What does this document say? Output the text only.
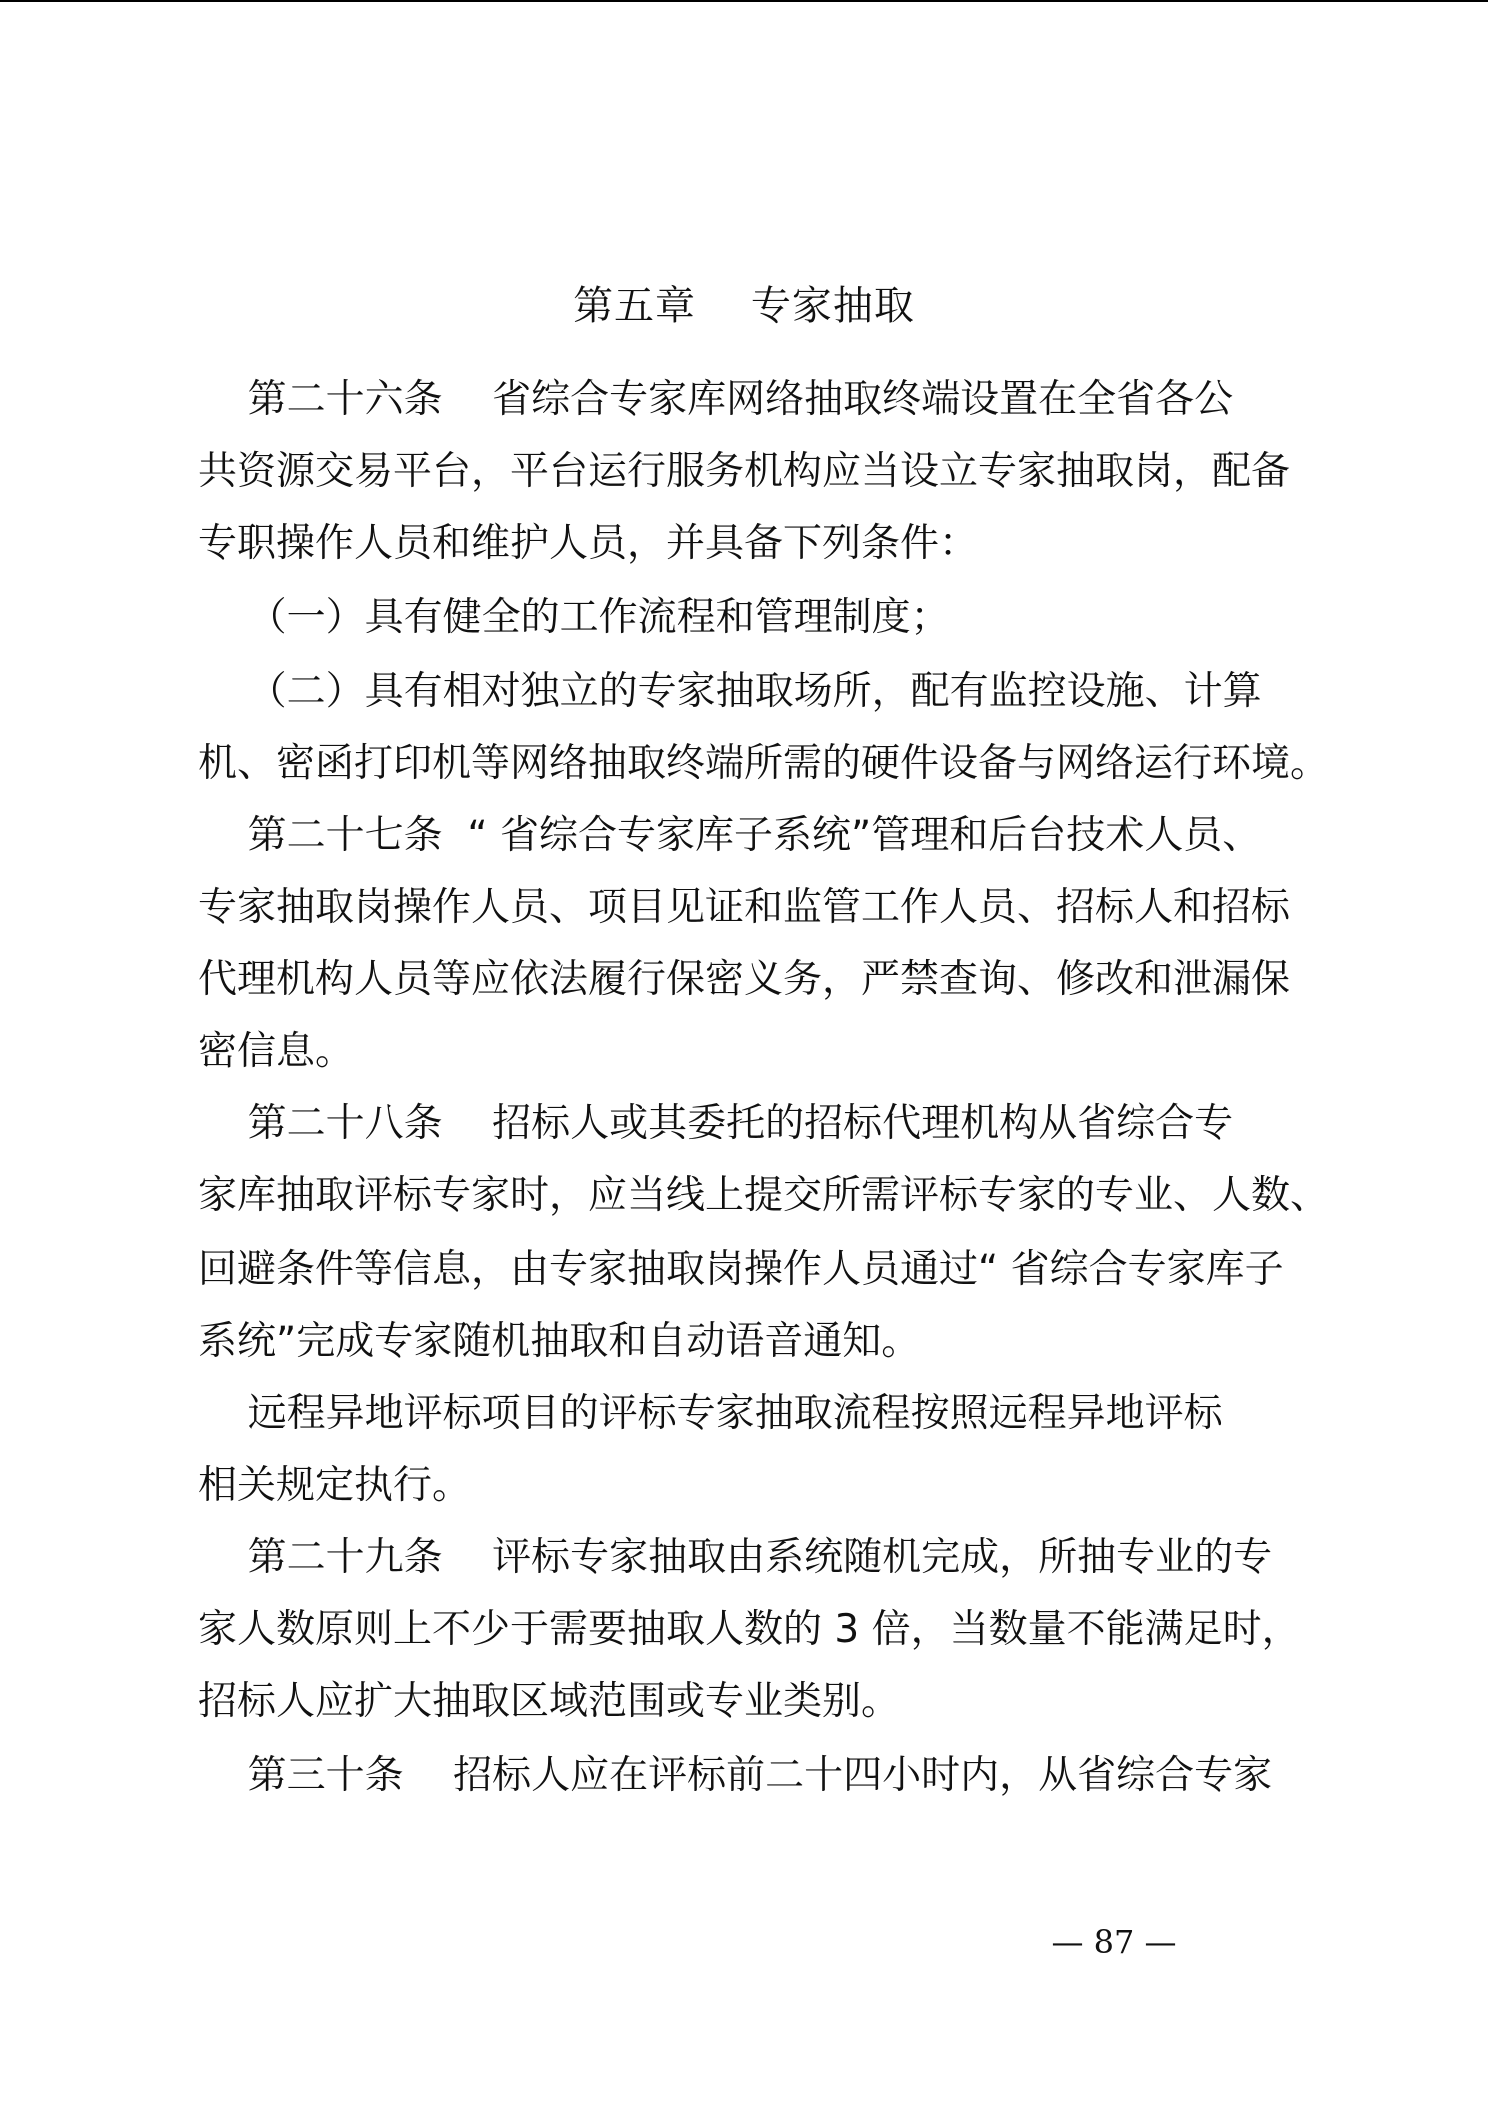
第五章    专家抽取
第二十六条    省综合专家库网络抽取终端设置在全省各公
共资源交易平台，平台运行服务机构应当设立专家抽取岗，配备
专职操作人员和维护人员，并具备下列条件：
（一）具有健全的工作流程和管理制度；
（二）具有相对独立的专家抽取场所，配有监控设施、计算
机、密函打印机等网络抽取终端所需的硬件设备与网络运行环境。
第二十七条  “ 省综合专家库子系统”管理和后台技术人员、
专家抽取岗操作人员、项目见证和监管工作人员、招标人和招标
代理机构人员等应依法履行保密义务，严禁查询、修改和泄漏保
密信息。
第二十八条    招标人或其委托的招标代理机构从省综合专
家库抽取评标专家时，应当线上提交所需评标专家的专业、人数、
回避条件等信息，由专家抽取岗操作人员通过“ 省综合专家库子
系统”完成专家随机抽取和自动语音通知。
远程异地评标项目的评标专家抽取流程按照远程异地评标
相关规定执行。
第二十九条    评标专家抽取由系统随机完成，所抽专业的专
家人数原则上不少于需要抽取人数的 3 倍，当数量不能满足时，
招标人应扩大抽取区域范围或专业类别。
第三十条    招标人应在评标前二十四小时内，从省综合专家
— 87 —
